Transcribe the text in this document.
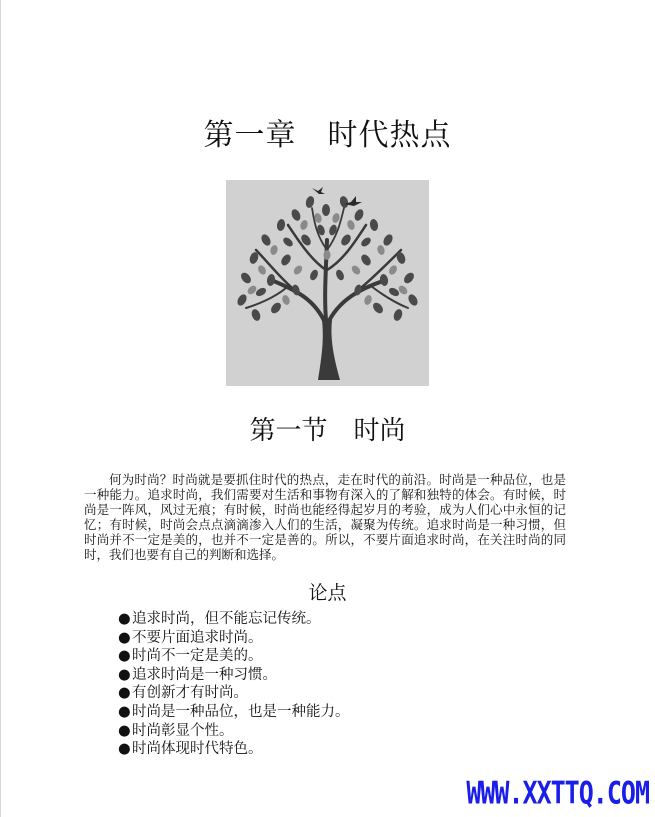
第一章　时代热点
第一节　时尚

何为时尚？时尚就是要抓住时代的热点，走在时代的前沿。时尚是一种品位，也是一种能力。追求时尚，我们需要对生活和事物有深入的了解和独特的体会。有时候，时尚是一阵风，风过无痕；有时候，时尚也能经得起岁月的考验，成为人们心中永恒的记忆；有时候，时尚会点点滴滴渗入人们的生活，凝聚为传统。追求时尚是一种习惯，但时尚并不一定是美的，也并不一定是善的。所以，不要片面追求时尚，在关注时尚的同时，我们也要有自己的判断和选择。

论点
●追求时尚，但不能忘记传统。
●不要片面追求时尚。
●时尚不一定是美的。
●追求时尚是一种习惯。
●有创新才有时尚。
●时尚是一种品位，也是一种能力。
●时尚彰显个性。
●时尚体现时代特色。
WWW.XXTTQ.COM
